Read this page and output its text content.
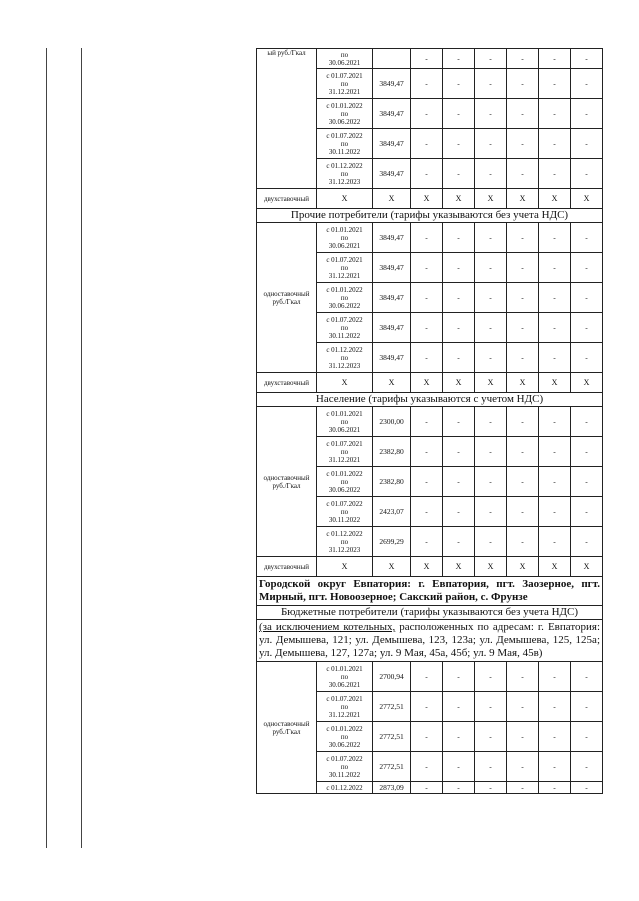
ый руб./Гкал	по
30.06.2021		-	-	-	-	-	-

	с 01.07.2021
по
31.12.2021	3849,47	-	-	-	-	-	-

	с 01.01.2022
по
30.06.2022	3849,47	-	-	-	-	-	-

	с 01.07.2022
по
30.11.2022	3849,47	-	-	-	-	-	-

	с 01.12.2022
по
31.12.2023	3849,47	-	-	-	-	-	-
двухставочный	Х	Х	Х	Х	Х	Х	Х	Х
Прочие потребители (тарифы указываются без учета НДС)								
одноставочный руб./Гкал	с 01.01.2021
по
30.06.2021	3849,47	-	-	-	-	-	-

	с 01.07.2021
по
31.12.2021	3849,47	-	-	-	-	-	-

	с 01.01.2022
по
30.06.2022	3849,47	-	-	-	-	-	-

	с 01.07.2022
по
30.11.2022	3849,47	-	-	-	-	-	-

	с 01.12.2022
по
31.12.2023	3849,47	-	-	-	-	-	-
двухставочный	Х	Х	Х	Х	Х	Х	Х	Х
Население (тарифы указываются с учетом НДС)								
одноставочный руб./Гкал	с 01.01.2021
по
30.06.2021	2300,00	-	-	-	-	-	-

	с 01.07.2021
по
31.12.2021	2382,80	-	-	-	-	-	-

	с 01.01.2022
по
30.06.2022	2382,80	-	-	-	-	-	-

	с 01.07.2022
по
30.11.2022	2423,07	-	-	-	-	-	-

	с 01.12.2022
по
31.12.2023	2699,29	-	-	-	-	-	-
двухставочный	Х	Х	Х	Х	Х	Х	Х	Х
Городской округ Евпатория: г. Евпатория, пгт. Заозерное, пгт. Мирный, пгт. Новоозерное; Сакский район, с. Фрунзе								
Бюджетные потребители (тарифы указываются без учета НДС)								
(за исключением котельных, расположенных по адресам: г. Евпатория: ул. Демышева, 121; ул. Демышева, 123, 123а; ул. Демышева, 125, 125а; ул. Демышева, 127, 127а; ул. 9 Мая, 45а, 45б; ул. 9 Мая, 45в)								
одноставочный руб./Гкал	с 01.01.2021
по
30.06.2021	2700,94	-	-	-	-	-	-

	с 01.07.2021
по
31.12.2021	2772,51	-	-	-	-	-	-

	с 01.01.2022
по
30.06.2022	2772,51	-	-	-	-	-	-

	с 01.07.2022
по
30.11.2022	2772,51	-	-	-	-	-	-

	с 01.12.2022	2873,09	-	-	-	-	-	-
